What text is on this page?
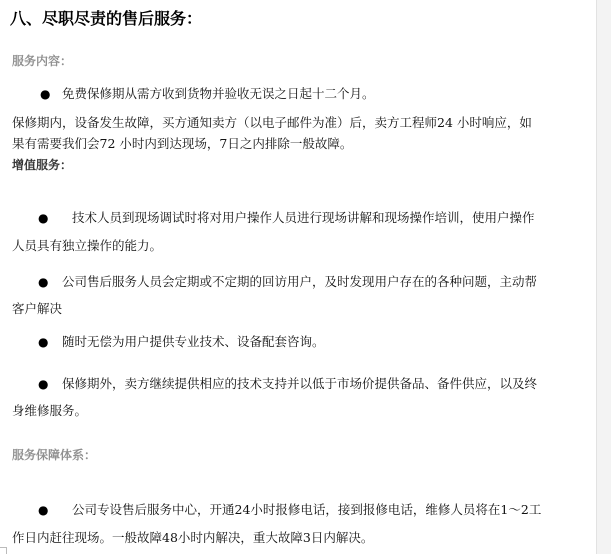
八、尽职尽责的售后服务：
服务内容：
● 免费保修期从需方收到货物并验收无误之日起十二个月。
保修期内，设备发生故障，买方通知卖方（以电子邮件为准）后，卖方工程师24 小时响应，如
果有需要我们会72 小时内到达现场，7日之内排除一般故障。
增值服务：
● 技术人员到现场调试时将对用户操作人员进行现场讲解和现场操作培训，使用户操作
人员具有独立操作的能力。
● 公司售后服务人员会定期或不定期的回访用户，及时发现用户存在的各种问题，主动帮
客户解决
● 随时无偿为用户提供专业技术、设备配套咨询。
● 保修期外，卖方继续提供相应的技术支持并以低于市场价提供备品、备件供应，以及终
身维修服务。
服务保障体系：
● 公司专设售后服务中心，开通24小时报修电话，接到报修电话，维修人员将在1～2工
作日内赶往现场。一般故障48小时内解决，重大故障3日内解决。
